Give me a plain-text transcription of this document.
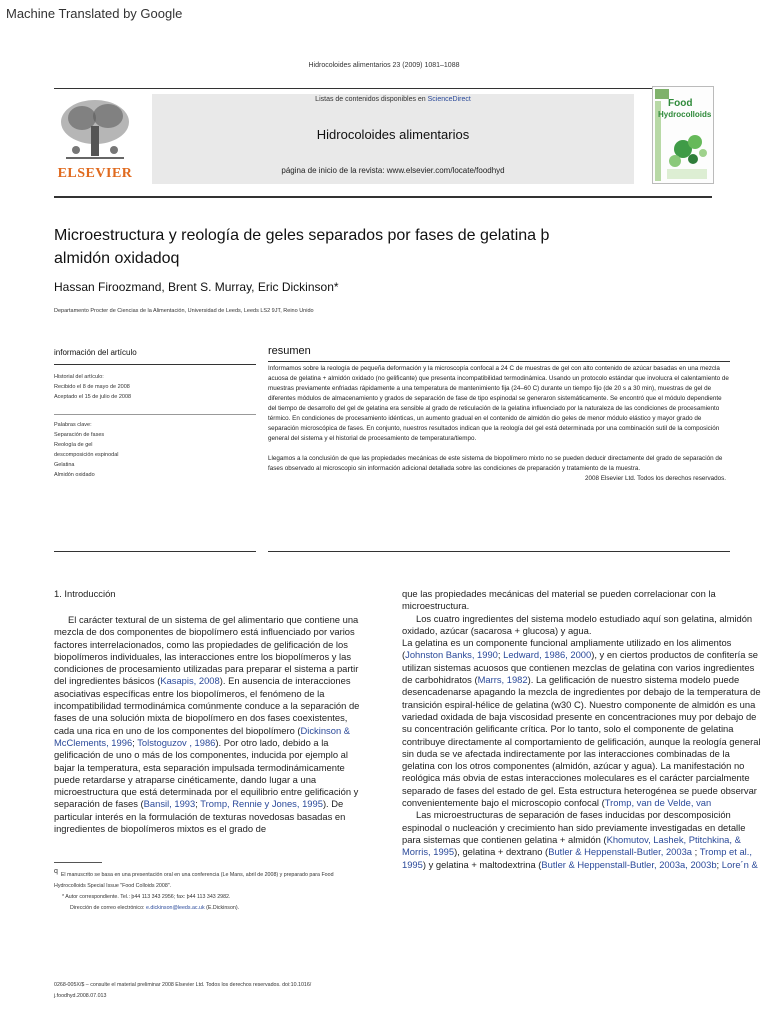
Machine Translated by Google
Hidrocoloides alimentarios 23 (2009) 1081–1088
ELSEVIER
Listas de contenidos disponibles en ScienceDirect
Hidrocoloides alimentarios
página de inicio de la revista: www.elsevier.com/locate/foodhyd
Food
Hydrocolloids
Microestructura y reología de geles separados por fases de gelatina þ almidón oxidadoq
Hassan Firoozmand, Brent S. Murray, Eric Dickinson*
Departamento Procter de Ciencias de la Alimentación, Universidad de Leeds, Leeds LS2 9JT, Reino Unido
información del artículo
Historial del artículo:
Recibido el 8 de mayo de 2008
Aceptado el 15 de julio de 2008
Palabras clave:
Separación de fases
Reología de gel
descomposición espinodal
Gelatina
Almidón oxidado
resumen

Informamos sobre la reología de pequeña deformación y la microscopía confocal a 24 C de muestras de gel con alto contenido de azúcar basadas en una mezcla acuosa de gelatina + almidón oxidado (no gelificante) que presenta incompatibilidad termodinámica. Usando un protocolo estándar que involucra el calentamiento de muestras previamente enfriadas rápidamente a una temperatura de mantenimiento fija (24–60 C) durante un tiempo fijo (de 20 s a 30 min), muestras de gel de diferentes módulos de almacenamiento y grados de separación de fase de tipo espinodal se generaron sistemáticamente. Se encontró que el módulo dependiente del tiempo de desarrollo del gel de gelatina era sensible al grado de reticulación de la gelatina influenciado por la naturaleza de las condiciones de procesamiento térmico. En condiciones de procesamiento idénticas, un aumento gradual en el contenido de almidón dio geles de menor módulo elástico y mayor grado de separación microscópica de fases. En conjunto, nuestros resultados indican que la reología del gel está determinada por una combinación sutil de la composición general del sistema y el historial de procesamiento de temperatura/tiempo.

Llegamos a la conclusión de que las propiedades mecánicas de este sistema de biopolímero mixto no se pueden deducir directamente del grado de separación de fases observado al microscopio sin información adicional detallada sobre las condiciones de preparación y tratamiento de la muestra.

2008 Elsevier Ltd. Todos los derechos reservados.

1. Introducción

El carácter textural de un sistema de gel alimentario que contiene una mezcla de dos componentes de biopolímero está influenciado por varios factores interrelacionados, como las propiedades de gelificación de los biopolímeros individuales, las interacciones entre los biopolímeros y las condiciones de procesamiento utilizadas para preparar el sistema a partir del ingredientes básicos (Kasapis, 2008). En ausencia de interacciones asociativas específicas entre los biopolímeros, el fenómeno de la incompatibilidad termodinámica comúnmente conduce a la separación de fases de una solución mixta de biopolímero en dos fases coexistentes, cada una rica en uno de los componentes del biopolímero (Dickinson & McClements, 1996; Tolstoguzov , 1986). Por otro lado, debido a la gelificación de uno o más de los componentes, inducida por ejemplo al bajar la temperatura, esta separación impulsada termodinámicamente puede retardarse y atraparse cinéticamente, dando lugar a una microestructura que está determinada por el equilibrio entre gelificación y separación de fases (Bansil, 1993; Tromp, Rennie y Jones, 1995). De particular interés en la formulación de texturas novedosas basadas en ingredientes de biopolímeros mixtos es el grado de

que las propiedades mecánicas del material se pueden correlacionar con la microestructura.

Los cuatro ingredientes del sistema modelo estudiado aquí son gelatina, almidón oxidado, azúcar (sacarosa + glucosa) y agua.

La gelatina es un componente funcional ampliamente utilizado en los alimentos (Johnston Banks, 1990; Ledward, 1986, 2000), y en ciertos productos de confitería se utilizan sistemas acuosos que contienen mezclas de gelatina con varios ingredientes de carbohidratos (Marrs, 1982). La gelificación de nuestro sistema modelo puede desencadenarse apagando la mezcla de ingredientes por debajo de la temperatura de transición espiral-hélice de gelatina (w30 C). Nuestro componente de almidón es una variedad oxidada de baja viscosidad presente en concentraciones muy por debajo de su concentración gelificante crítica. Por lo tanto, solo el componente de gelatina contribuye directamente al comportamiento de gelificación, aunque la reología general sin duda se ve afectada indirectamente por las interacciones combinadas de la gelatina con los otros componentes (almidón, azúcar y agua). La manifestación no reológica más obvia de estas interacciones moleculares es el carácter parcialmente separado de fases del estado de gel. Esta estructura heterogénea se puede observar convenientemente bajo el microscopio confocal (Tromp, van de Velde, van

Las microestructuras de separación de fases inducidas por descomposición espinodal o nucleación y crecimiento han sido previamente investigadas en detalle para sistemas que contienen gelatina + almidón (Khomutov, Lashek, Ptitchkina, & Morris, 1995), gelatina + dextrano (Butler & Heppenstall-Butler, 2003a ; Tromp et al., 1995) y gelatina + maltodextrina (Butler & Heppenstall-Butler, 2003a, 2003b; Lore´n &

$^q$ El manuscrito se basa en una presentación oral en una conferencia (Le Mans, abril de 2008) y preparado para Food Hydrocolloids Special Issue "Food Colloids 2008".
* Autor correspondiente. Tel.: þ44 113 343 2956; fax: þ44 113 343 2982.
Dirección de correo electrónico: e.dickinson@leeds.ac.uk (E.Dickinson).
0268-005X/$ – consulte el material preliminar 2008 Elsevier Ltd. Todos los derechos reservados. doi:10.1016/ j.foodhyd.2008.07.013
